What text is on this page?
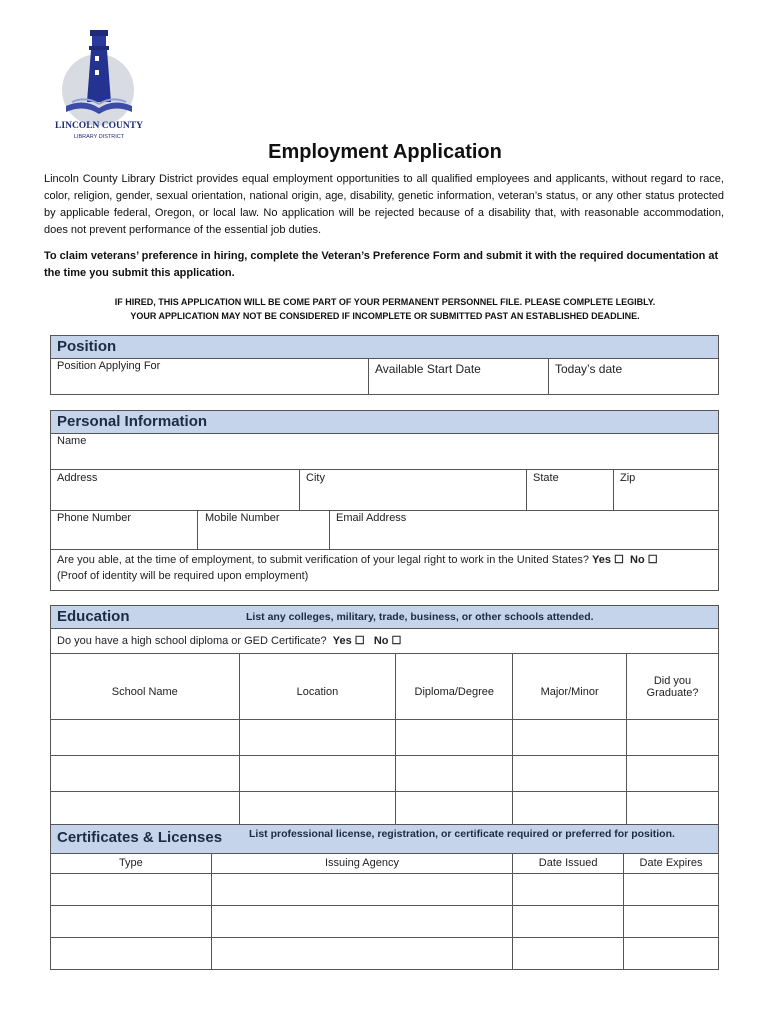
LINCOLN COUNTY
LIBRARY DISTRICT
Employment Application
Lincoln County Library District provides equal employment opportunities to all qualified employees and applicants, without regard to race, color, religion, gender, sexual orientation, national origin, age, disability, genetic information, veteran’s status, or any other status protected by applicable federal, Oregon, or local law. No application will be rejected because of a disability that, with reasonable accommodation, does not prevent performance of the essential job duties.
To claim veterans’ preference in hiring, complete the Veteran’s Preference Form and submit it with the required documentation at the time you submit this application.
IF HIRED, THIS APPLICATION WILL BE COME PART OF YOUR PERMANENT PERSONNEL FILE. PLEASE COMPLETE LEGIBLY.
YOUR APPLICATION MAY NOT BE CONSIDERED IF INCOMPLETE OR SUBMITTED PAST AN ESTABLISHED DEADLINE.
Position
Position Applying For	Available Start Date	Today’s date
Personal Information
Name
Address	City	State	Zip
Phone Number	Mobile Number	Email Address
Are you able, at the time of employment, to submit verification of your legal right to work in the United States? Yes ☐ No ☐
(Proof of identity will be required upon employment)
Education	List any colleges, military, trade, business, or other schools attended.
Do you have a high school diploma or GED Certificate? Yes ☐ No ☐
School Name	Location	Diploma/Degree	Major/Minor	Did you Graduate?

Certificates & Licenses	List professional license, registration, or certificate required or preferred for position.
Type	Issuing Agency	Date Issued	Date Expires
